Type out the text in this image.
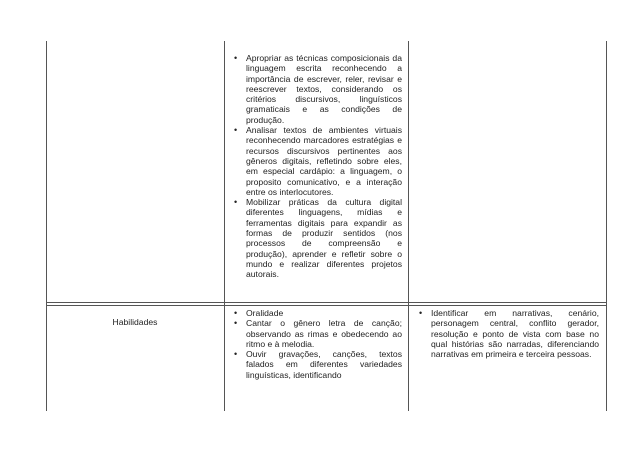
• Apropriar as técnicas composicionais da linguagem escrita reconhecendo a importância de escrever, reler, revisar e reescrever textos, considerando os critérios discursivos, linguísticos gramaticais e as condições de produção.
• Analisar textos de ambientes virtuais reconhecendo marcadores estratégias e recursos discursivos pertinentes aos gêneros digitais, refletindo sobre eles, em especial cardápio: a linguagem, o proposito comunicativo, e a interação entre os interlocutores.
• Mobilizar práticas da cultura digital diferentes linguagens, mídias e ferramentas digitais para expandir as formas de produzir sentidos (nos processos de compreensão e produção), aprender e refletir sobre o mundo e realizar diferentes projetos autorais.
Habilidades
• Oralidade
• Cantar o gênero letra de canção; observando as rimas e obedecendo ao ritmo e à melodia.
• Ouvir gravações, canções, textos falados em diferentes variedades linguísticas, identificando
• Identificar em narrativas, cenário, personagem central, conflito gerador, resolução e ponto de vista com base no qual histórias são narradas, diferenciando narrativas em primeira e terceira pessoas.
